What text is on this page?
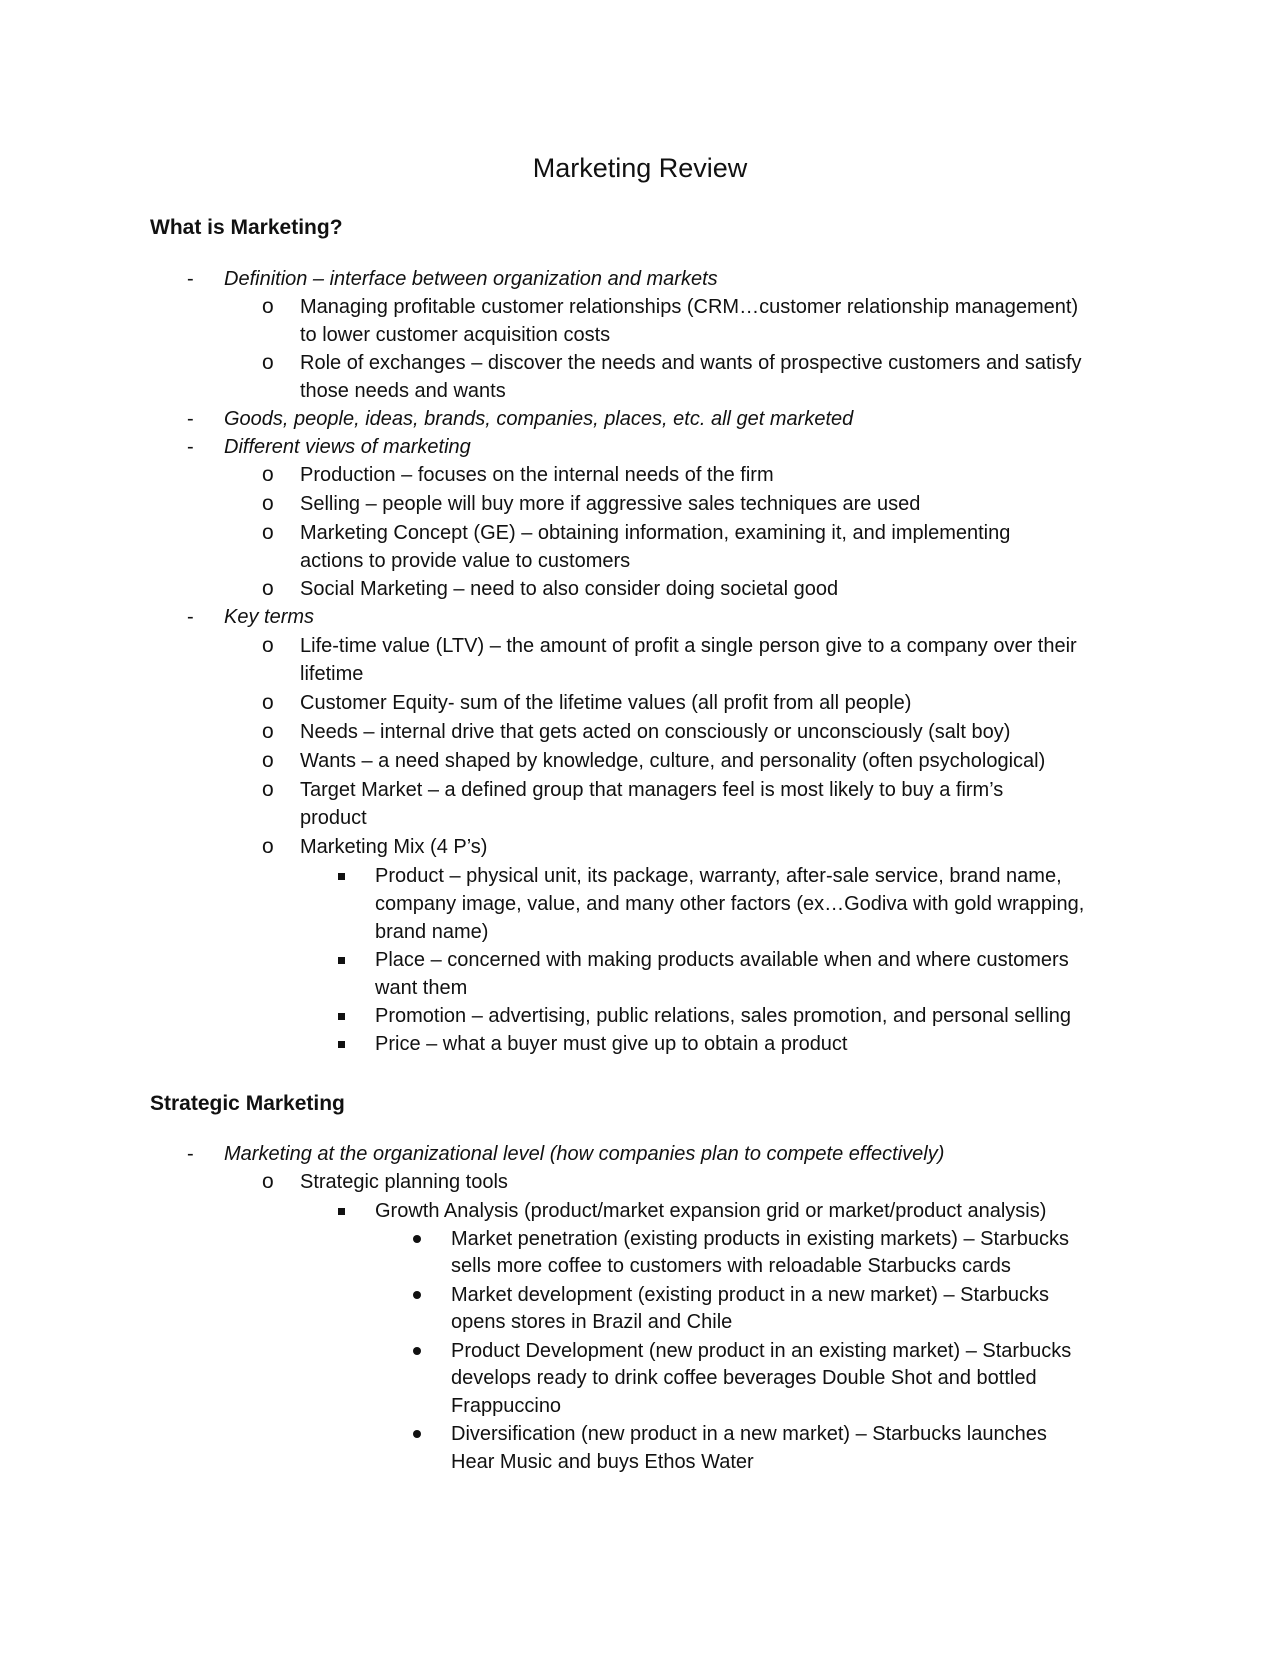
Marketing Review
What is Marketing?
- Definition – interface between organization and markets
o Managing profitable customer relationships (CRM…customer relationship management)
to lower customer acquisition costs
o Role of exchanges – discover the needs and wants of prospective customers and satisfy
those needs and wants
- Goods, people, ideas, brands, companies, places, etc. all get marketed
- Different views of marketing
o Production – focuses on the internal needs of the firm
o Selling – people will buy more if aggressive sales techniques are used
o Marketing Concept (GE) – obtaining information, examining it, and implementing
actions to provide value to customers
o Social Marketing – need to also consider doing societal good
- Key terms
o Life-time value (LTV) – the amount of profit a single person give to a company over their
lifetime
o Customer Equity- sum of the lifetime values (all profit from all people)
o Needs – internal drive that gets acted on consciously or unconsciously (salt boy)
o Wants – a need shaped by knowledge, culture, and personality (often psychological)
o Target Market – a defined group that managers feel is most likely to buy a firm’s
product
o Marketing Mix (4 P’s)
Product – physical unit, its package, warranty, after-sale service, brand name,
company image, value, and many other factors (ex…Godiva with gold wrapping,
brand name)
Place – concerned with making products available when and where customers
want them
Promotion – advertising, public relations, sales promotion, and personal selling
Price – what a buyer must give up to obtain a product
Strategic Marketing
- Marketing at the organizational level (how companies plan to compete effectively)
o Strategic planning tools
Growth Analysis (product/market expansion grid or market/product analysis)
Market penetration (existing products in existing markets) – Starbucks
sells more coffee to customers with reloadable Starbucks cards
Market development (existing product in a new market) – Starbucks
opens stores in Brazil and Chile
Product Development (new product in an existing market) – Starbucks
develops ready to drink coffee beverages Double Shot and bottled
Frappuccino
Diversification (new product in a new market) – Starbucks launches
Hear Music and buys Ethos Water
